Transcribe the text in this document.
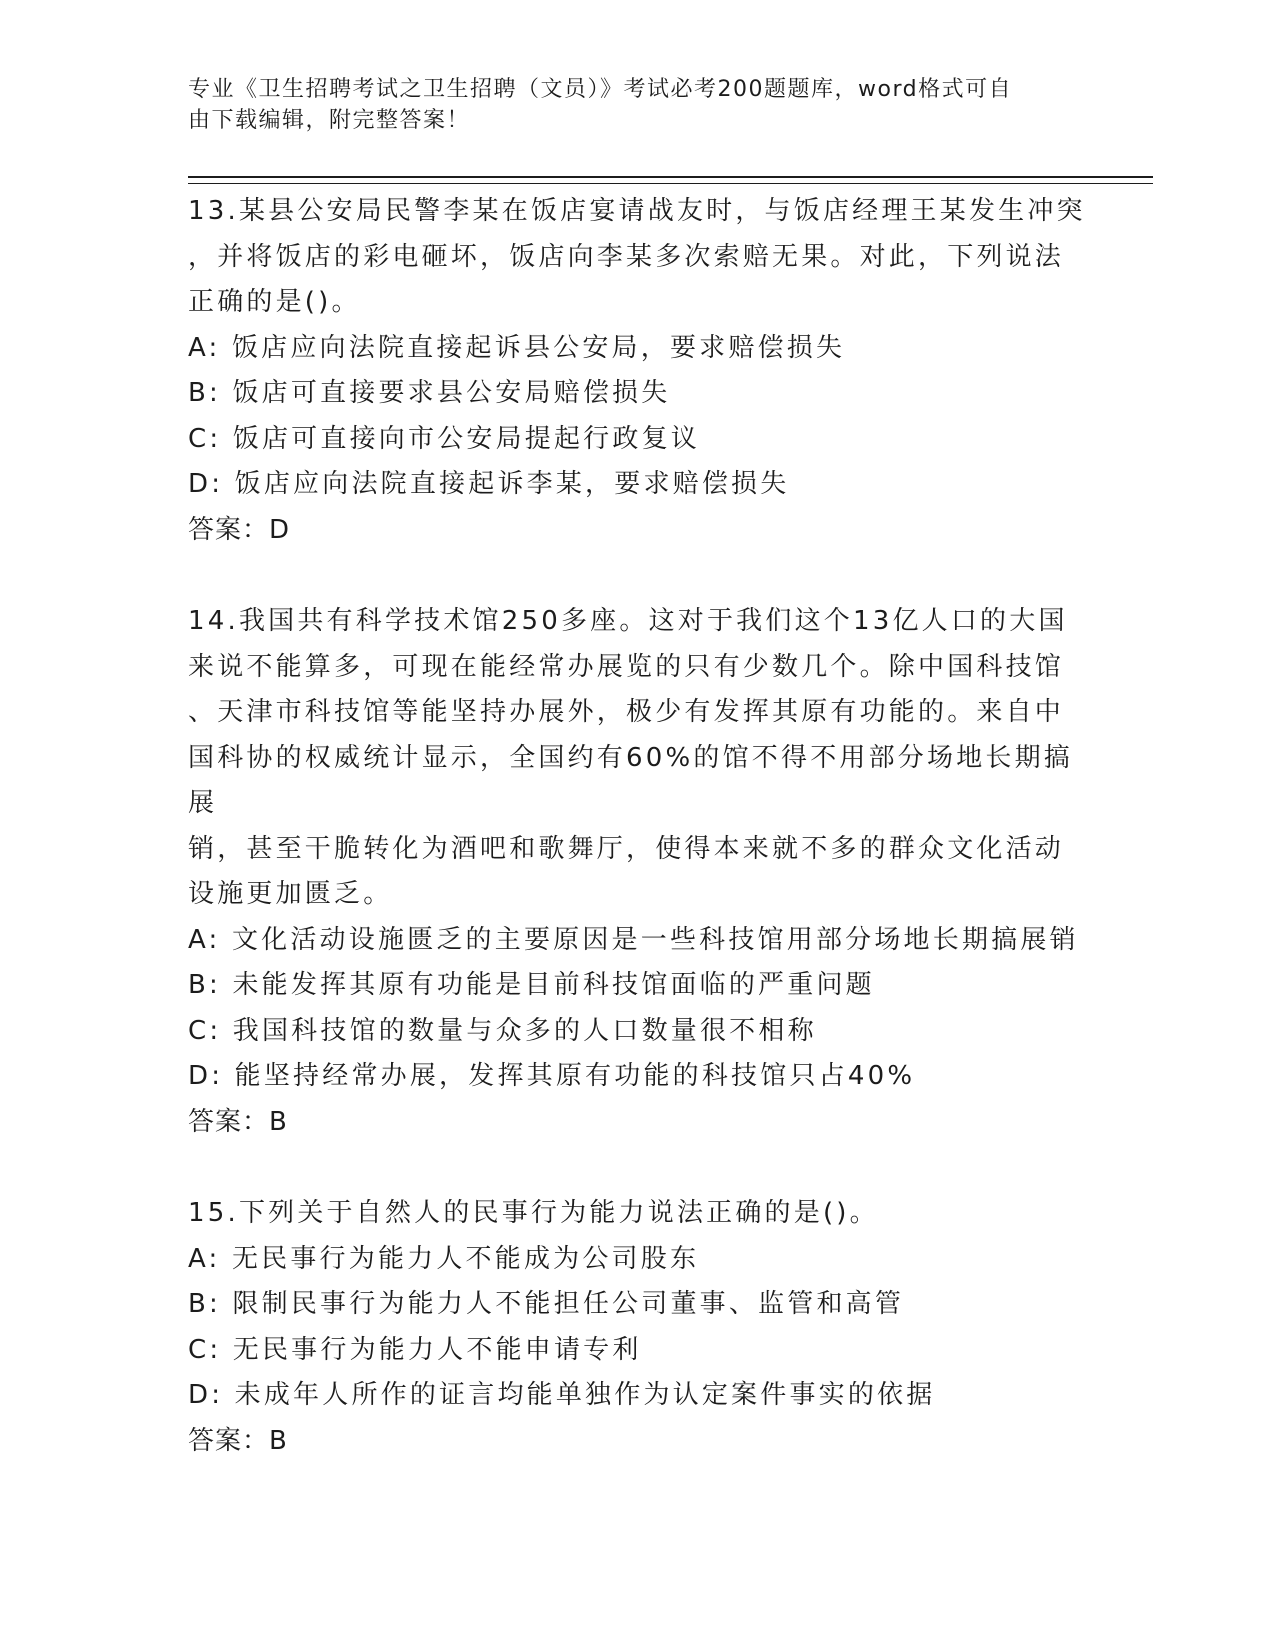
专业《卫生招聘考试之卫生招聘（文员）》考试必考200题题库，word格式可自
由下载编辑，附完整答案！
13.某县公安局民警李某在饭店宴请战友时，与饭店经理王某发生冲突
，并将饭店的彩电砸坏，饭店向李某多次索赔无果。对此，下列说法
正确的是()。
A: 饭店应向法院直接起诉县公安局，要求赔偿损失
B: 饭店可直接要求县公安局赔偿损失
C: 饭店可直接向市公安局提起行政复议
D: 饭店应向法院直接起诉李某，要求赔偿损失
答案：D
14.我国共有科学技术馆250多座。这对于我们这个13亿人口的大国
来说不能算多，可现在能经常办展览的只有少数几个。除中国科技馆
、天津市科技馆等能坚持办展外，极少有发挥其原有功能的。来自中
国科协的权威统计显示，全国约有60%的馆不得不用部分场地长期搞展
销，甚至干脆转化为酒吧和歌舞厅，使得本来就不多的群众文化活动
设施更加匮乏。
A: 文化活动设施匮乏的主要原因是一些科技馆用部分场地长期搞展销
B: 未能发挥其原有功能是目前科技馆面临的严重问题
C: 我国科技馆的数量与众多的人口数量很不相称
D: 能坚持经常办展，发挥其原有功能的科技馆只占40%
答案：B
15.下列关于自然人的民事行为能力说法正确的是()。
A: 无民事行为能力人不能成为公司股东
B: 限制民事行为能力人不能担任公司董事、监管和高管
C: 无民事行为能力人不能申请专利
D: 未成年人所作的证言均能单独作为认定案件事实的依据
答案：B
